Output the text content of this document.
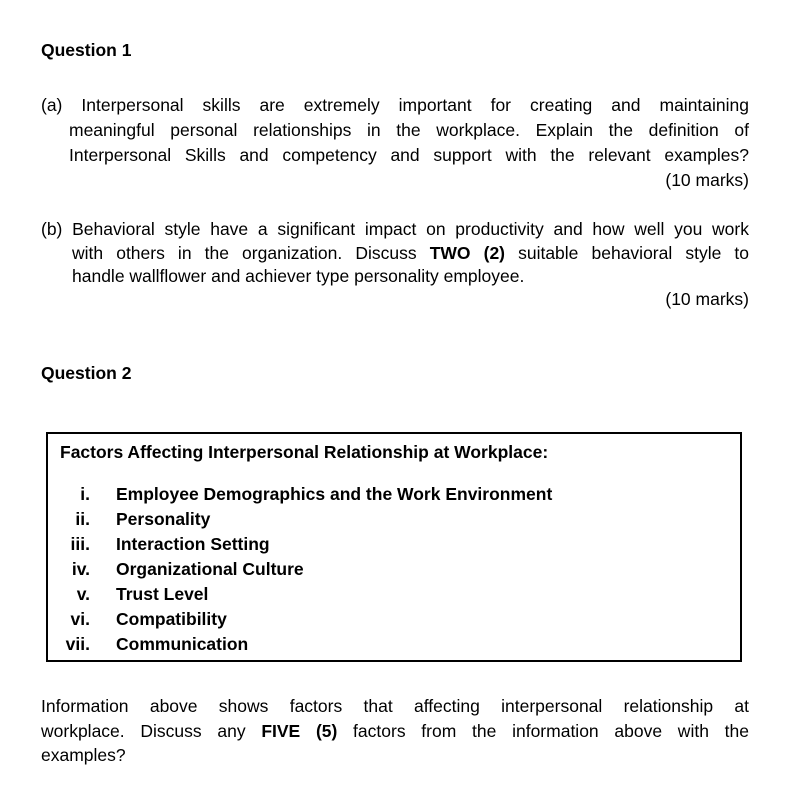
Question 1
(a) Interpersonal skills are extremely important for creating and maintaining
meaningful personal relationships in the workplace. Explain the definition of
Interpersonal Skills and competency and support with the relevant examples?
(10 marks)
(b) Behavioral style have a significant impact on productivity and how well you work
with others in the organization. Discuss TWO (2) suitable behavioral style to
handle wallflower and achiever type personality employee.
(10 marks)
Question 2
Factors Affecting Interpersonal Relationship at Workplace:
i. Employee Demographics and the Work Environment
ii. Personality
iii. Interaction Setting
iv. Organizational Culture
v. Trust Level
vi. Compatibility
vii. Communication
Information above shows factors that affecting interpersonal relationship at
workplace. Discuss any FIVE (5) factors from the information above with the
examples?
